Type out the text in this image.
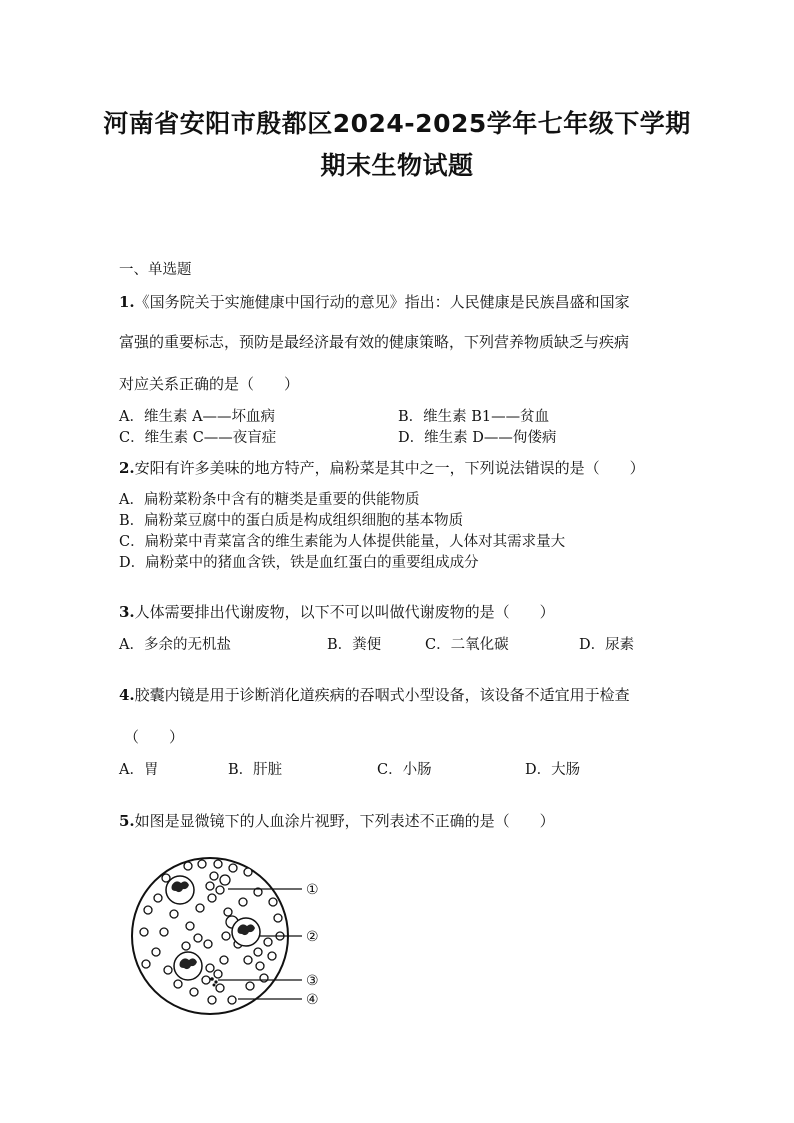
河南省安阳市殷都区2024-2025学年七年级下学期
期末生物试题
一、单选题
1.《国务院关于实施健康中国行动的意见》指出：人民健康是民族昌盛和国家
富强的重要标志，预防是最经济最有效的健康策略，下列营养物质缺乏与疾病
对应关系正确的是（　　）
A．维生素 A——坏血病	B．维生素 B1——贫血
C．维生素 C——夜盲症	D．维生素 D——佝偻病
2.安阳有许多美味的地方特产，扁粉菜是其中之一，下列说法错误的是（　　）
A．扁粉菜粉条中含有的糖类是重要的供能物质
B．扁粉菜豆腐中的蛋白质是构成组织细胞的基本物质
C．扁粉菜中青菜富含的维生素能为人体提供能量，人体对其需求量大
D．扁粉菜中的猪血含铁，铁是血红蛋白的重要组成成分
3.人体需要排出代谢废物，以下不可以叫做代谢废物的是（　　）
A．多余的无机盐	B．粪便	C．二氧化碳	D．尿素
4.胶囊内镜是用于诊断消化道疾病的吞咽式小型设备，该设备不适宜用于检查
（　　）
A．胃	B．肝脏	C．小肠	D．大肠
5.如图是显微镜下的人血涂片视野，下列表述不正确的是（　　）
①
②
③
④
